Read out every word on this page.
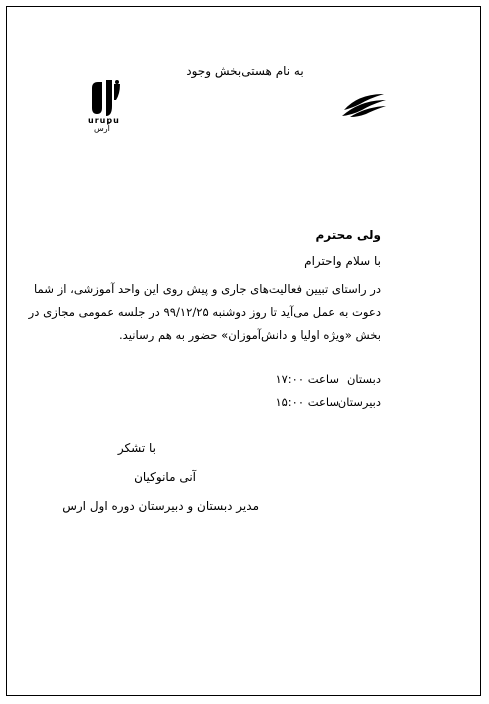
به نام هستی‌بخش وجود
urupu
اُرس
ولی محترم
با سلام واحترام
در راستای تبیین فعالیت‌های جاری و پیش روی این واحد آموزشی، از شما
دعوت به عمل می‌آید تا روز دوشنبه ۹۹/۱۲/۲۵ در جلسه عمومی مجازی در
بخش «ویژه اولیا و دانش‌آموزان» حضور به هم رسانید.
دبستان
ساعت ۱۷:۰۰
دبیرستان
ساعت ۱۵:۰۰
با تشکر
آنی مانوکیان
مدیر دبستان و دبیرستان دوره اول ارس
